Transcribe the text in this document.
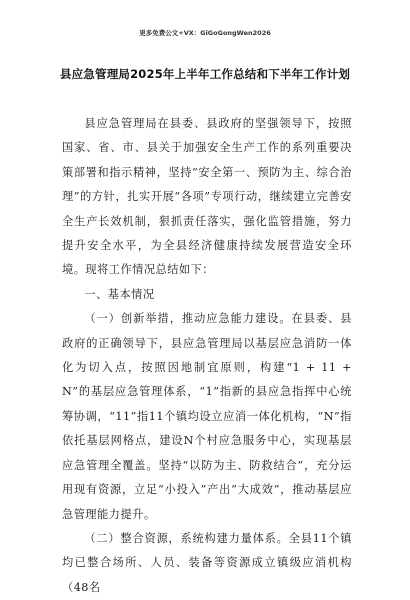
更多免费公文+VX：GiGoGongWen2026
县应急管理局2025年上半年工作总结和下半年工作计划

县应急管理局在县委、县政府的坚强领导下，按照国家、省、市、县关于加强安全生产工作的系列重要决策部署和指示精神，坚持“安全第一、预防为主、综合治理”的方针，扎实开展“各项”专项行动，继续建立完善安全生产长效机制，狠抓责任落实，强化监管措施，努力提升安全水平，为全县经济健康持续发展营造安全环境。现将工作情况总结如下：

一、基本情况

（一）创新举措，推动应急能力建设。在县委、县政府的正确领导下，县应急管理局以基层应急消防一体化为切入点，按照因地制宜原则，构建“1 + 11 + N”的基层应急管理体系，“1”指新的县应急指挥中心统筹协调，“11”指11个镇均设立应消一体化机构，“N”指依托基层网格点，建设N个村应急服务中心，实现基层应急管理全覆盖。坚持“以防为主、防救结合”，充分运用现有资源，立足“小投入”产出“大成效”，推动基层应急管理能力提升。

（二）整合资源，系统构建力量体系。全县11个镇均已整合场所、人员、装备等资源成立镇级应消机构（48名
